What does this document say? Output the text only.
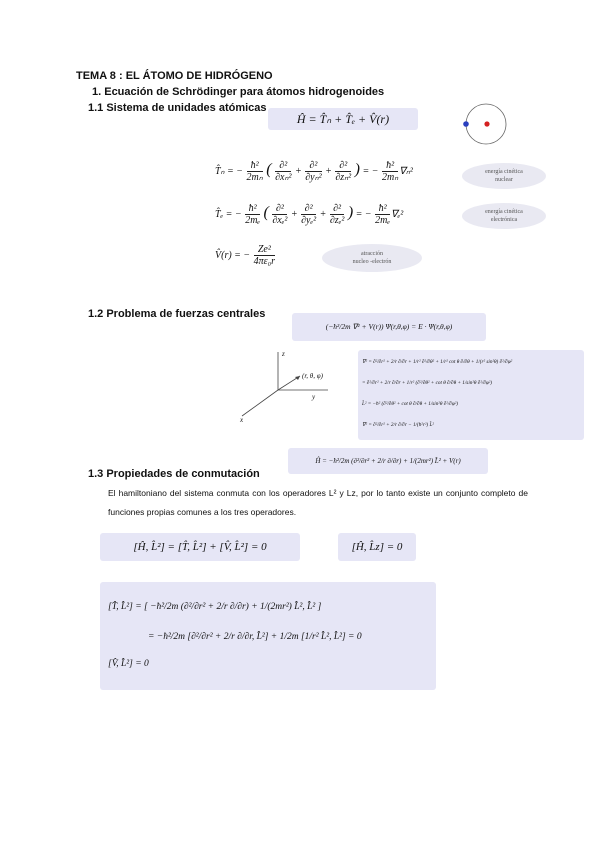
TEMA 8 : EL ÁTOMO DE HIDRÓGENO
1. Ecuación de Schrödinger para átomos hidrogenoides
1.1 Sistema de unidades atómicas
Ĥ = T̂ₙ + T̂ₑ + V̂(r)
T̂ₙ = − $\frac{\text{ħ²}}{\text{2mₙ}}$ ( $\frac{\text{∂²}}{\text{∂xₙ²}} + \frac{\text{∂²}}{\text{∂yₙ²}} + \frac{\text{∂²}}{\text{∂zₙ²}}$ ) = − $\frac{\text{ħ²}}{\text{2mₙ}} \nabla_n^2$	energía cinética
nuclear
T̂ₑ = − $\frac{\text{ħ²}}{\text{2mₑ}}$ ( $\frac{\text{∂²}}{\text{∂xₑ²}} + \frac{\text{∂²}}{\text{∂yₑ²}} + \frac{\text{∂²}}{\text{∂zₑ²}}$ ) = − $\frac{\text{ħ²}}{\text{2mₑ}} \nabla_e^2$	energía cinética
electrónica
V̂(r) = − $\frac{\text{Ze²}}{\text{4πε₀r}}$	atracción
nucleo -electrón
1.2 Problema de fuerzas centrales
(−ħ²/2m ∇² + V(r)) Ψ(r,θ,φ) = E · Ψ(r,θ,φ)
z
y
x
(r, θ, φ)
∇² = ∂²/∂r² + 2/r ∂/∂r + 1/r² ∂²/∂θ² + 1/r² cot θ ∂/∂θ + 1/(r² sin²θ) ∂²/∂φ²
= ∂²/∂r² + 2/r ∂/∂r + 1/r² (∂²/∂θ² + cot θ ∂/∂θ + 1/sin²θ ∂²/∂φ²)
L̂² = −ħ² (∂²/∂θ² + cot θ ∂/∂θ + 1/sin²θ ∂²/∂φ²)
∇² = ∂²/∂r² + 2/r ∂/∂r − 1/(ħ²r²) L̂²
Ĥ = −ħ²/2m (∂²/∂r² + 2/r ∂/∂r) + 1/(2mr²) L̂² + V(r)
1.3 Propiedades de conmutación
El hamiltoniano del sistema conmuta con los operadores L² y Lz, por lo tanto existe un conjunto completo de funciones propias comunes a los tres operadores.
[Ĥ, L̂²] = [T̂, L̂²] + [V̂, L̂²] = 0	[Ĥ, L̂z] = 0
[T̂, L̂²] = [ −ħ²/2m (∂²/∂r² + 2/r ∂/∂r) + 1/(2mr²) L̂², L̂² ]
= −ħ²/2m [∂²/∂r² + 2/r ∂/∂r, L̂²] + 1/2m [1/r² L̂², L̂²] = 0
[V̂, L̂²] = 0
